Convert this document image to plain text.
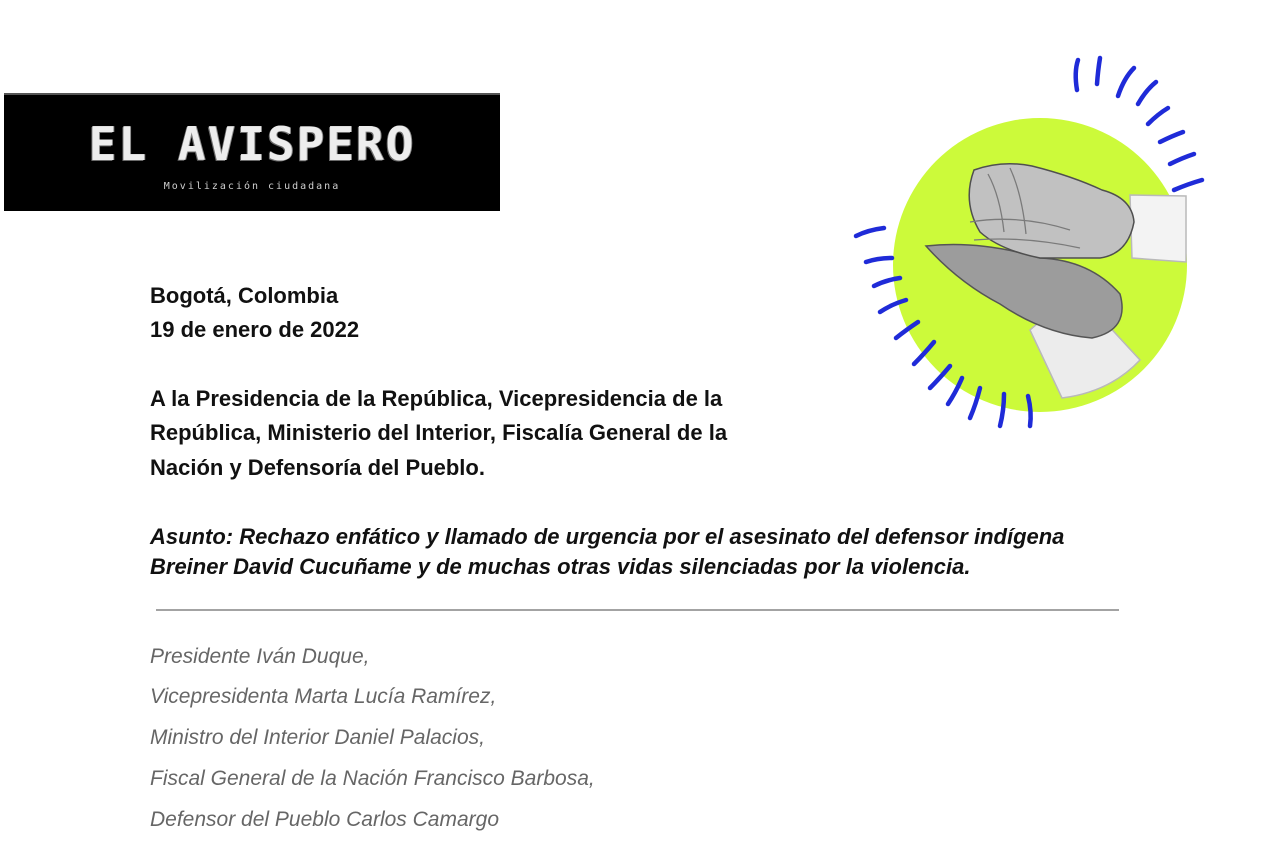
EL AVISPERO
Movilización ciudadana
Bogotá, Colombia
19 de enero de 2022
A la Presidencia de la República, Vicepresidencia de la
República, Ministerio del Interior, Fiscalía General de la
Nación y Defensoría del Pueblo.
Asunto: Rechazo enfático y llamado de urgencia por el asesinato del defensor indígena
Breiner David Cucuñame y de muchas otras vidas silenciadas por la violencia.
Presidente Iván Duque,
Vicepresidenta Marta Lucía Ramírez,
Ministro del Interior Daniel Palacios,
Fiscal General de la Nación Francisco Barbosa,
Defensor del Pueblo Carlos Camargo
